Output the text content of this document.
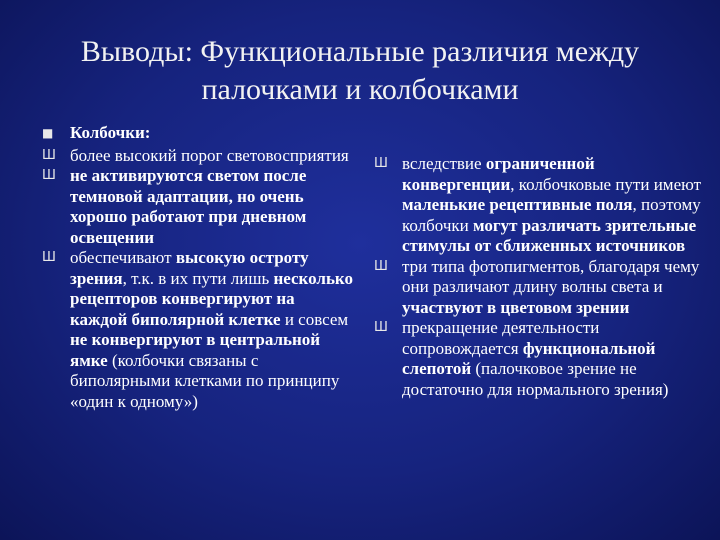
Выводы: Функциональные различия между
палочками и колбочками

■ Колбочки:

Ш более высокий порог световосприятия

Ш не активируются светом после темновой адаптации, но очень хорошо работают при дневном освещении

Ш обеспечивают высокую остроту зрения, т.к. в их пути лишь несколько рецепторов конвергируют на каждой биполярной клетке и совсем не конвергируют в центральной ямке (колбочки связаны с биполярными клетками по принципу «один к одному»)

Ш вследствие ограниченной конвергенции, колбочковые пути имеют маленькие рецептивные поля, поэтому колбочки могут различать зрительные стимулы от сближенных источников

Ш три типа фотопигментов, благодаря чему они различают длину волны света и участвуют в цветовом зрении

Ш прекращение деятельности сопровождается функциональной слепотой (палочковое зрение не достаточно для нормального зрения)
